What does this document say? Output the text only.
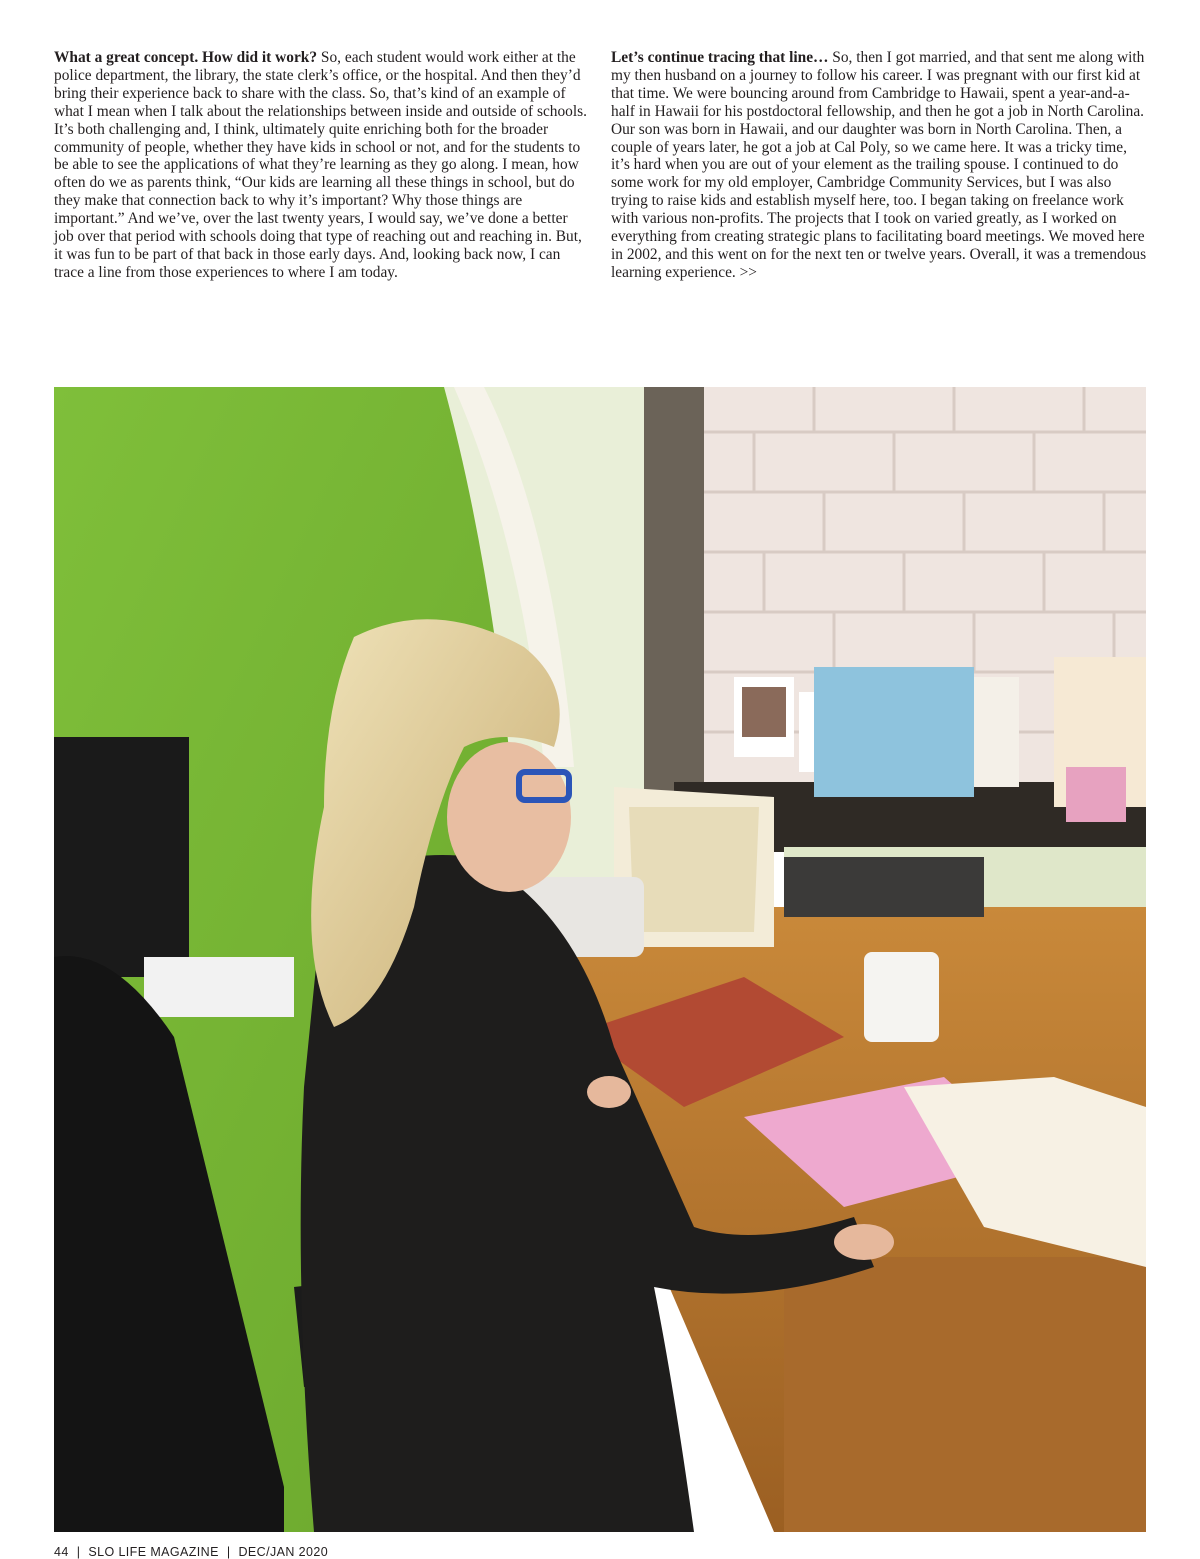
What a great concept. How did it work? So, each student would work either at the police department, the library, the state clerk’s office, or the hospital. And then they’d bring their experience back to share with the class. So, that’s kind of an example of what I mean when I talk about the relationships between inside and outside of schools. It’s both challenging and, I think, ultimately quite enriching both for the broader community of people, whether they have kids in school or not, and for the students to be able to see the applications of what they’re learning as they go along. I mean, how often do we as parents think, “Our kids are learning all these things in school, but do they make that connection back to why it’s important? Why those things are important.” And we’ve, over the last twenty years, I would say, we’ve done a better job over that period with schools doing that type of reaching out and reaching in. But, it was fun to be part of that back in those early days. And, looking back now, I can trace a line from those experiences to where I am today.
Let’s continue tracing that line… So, then I got married, and that sent me along with my then husband on a journey to follow his career. I was pregnant with our first kid at that time. We were bouncing around from Cambridge to Hawaii, spent a year-and-a-half in Hawaii for his postdoctoral fellowship, and then he got a job in North Carolina. Our son was born in Hawaii, and our daughter was born in North Carolina. Then, a couple of years later, he got a job at Cal Poly, so we came here. It was a tricky time, it’s hard when you are out of your element as the trailing spouse. I continued to do some work for my old employer, Cambridge Community Services, but I was also trying to raise kids and establish myself here, too. I began taking on freelance work with various non-profits. The projects that I took on varied greatly, as I worked on everything from creating strategic plans to facilitating board meetings. We moved here in 2002, and this went on for the next ten or twelve years. Overall, it was a tremendous learning experience. >>
44 | SLO LIFE MAGAZINE | DEC/JAN 2020
